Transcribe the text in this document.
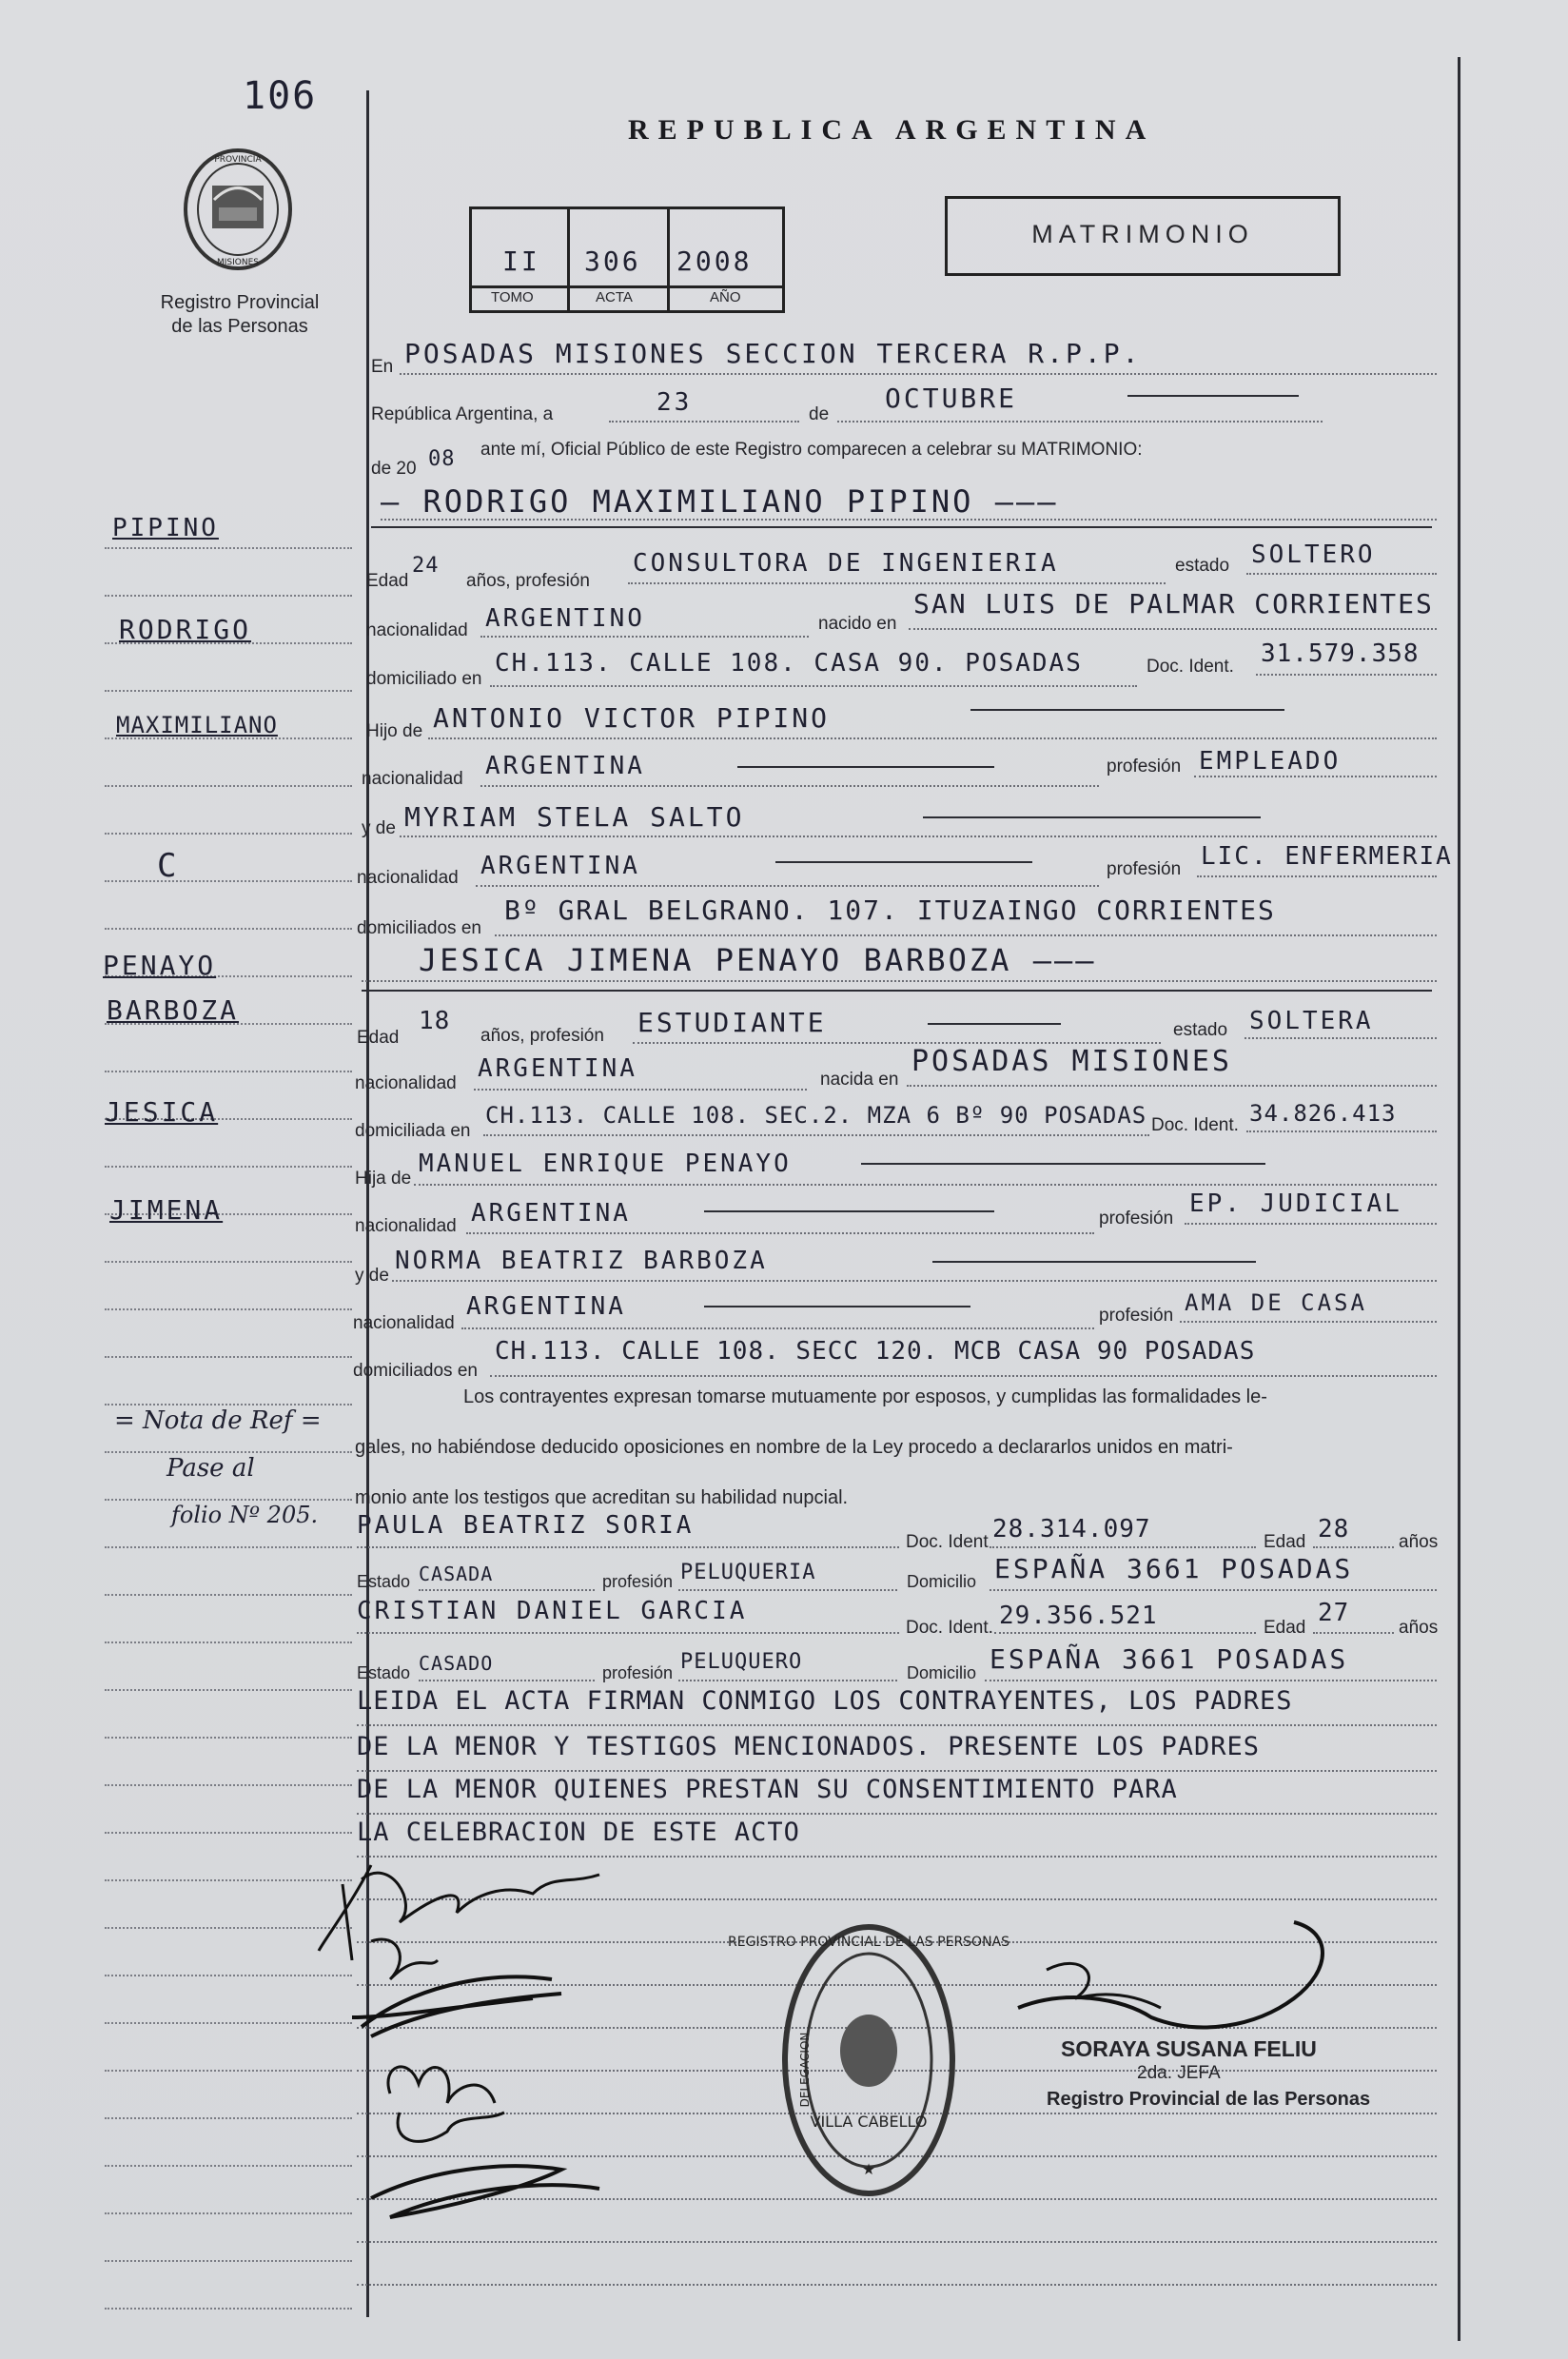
106
PROVINCIA
MISIONES
Registro Provincial
de las Personas
REPUBLICA ARGENTINA
II 306 2008
TOMO	ACTA	AÑO
MATRIMONIO
En POSADAS MISIONES SECCION TERCERA R.P.P.
República Argentina, a	23	de
OCTUBRE
de 20 08 ante mí, Oficial Público de este Registro comparecen a celebrar su MATRIMONIO:
— RODRIGO MAXIMILIANO PIPINO ———
Edad
24
años, profesión
CONSULTORA DE INGENIERIA	estado SOLTERO
nacionalidad ARGENTINO	nacido en
SAN LUIS DE PALMAR CORRIENTES
domiciliado en
CH.113. CALLE 108. CASA 90. POSADAS	Doc. Ident. 31.579.358
Hijo de ANTONIO VICTOR PIPINO
nacionalidad ARGENTINA	profesión EMPLEADO
y de MYRIAM STELA SALTO
nacionalidad ARGENTINA	profesión LIC. ENFERMERIA
domiciliados en
Bº GRAL BELGRANO. 107. ITUZAINGO CORRIENTES
JESICA JIMENA PENAYO BARBOZA ———
Edad
18
años, profesión ESTUDIANTE	estado SOLTERA
nacionalidad
ARGENTINA	nacida en
POSADAS MISIONES
domiciliada en
CH.113. CALLE 108. SEC.2. MZA 6 Bº 90 POSADAS Doc. Ident. 34.826.413
Hija de
MANUEL ENRIQUE PENAYO
nacionalidad ARGENTINA	profesión
EP. JUDICIAL
y de
NORMA BEATRIZ BARBOZA
nacionalidad
ARGENTINA	profesión AMA DE CASA
domiciliados en
CH.113. CALLE 108. SECC 120. MCB CASA 90 POSADAS
Los contrayentes expresan tomarse mutuamente por esposos, y cumplidas las formalidades le-
gales, no habiéndose deducido oposiciones en nombre de la Ley procedo a declararlos unidos en matri-
monio ante los testigos que acreditan su habilidad nupcial.
PAULA BEATRIZ SORIA
Doc. Ident 28.314.097	Edad 28	años
Estado CASADA	profesión PELUQUERIA	Domicilio ESPAÑA 3661 POSADAS
CRISTIAN DANIEL GARCIA
Doc. Ident. 29.356.521	Edad
27
años
Estado CASADO	profesión PELUQUERO	Domicilio ESPAÑA 3661 POSADAS
LEIDA EL ACTA FIRMAN CONMIGO LOS CONTRAYENTES, LOS PADRES
DE LA MENOR Y TESTIGOS MENCIONADOS. PRESENTE LOS PADRES
DE LA MENOR QUIENES PRESTAN SU CONSENTIMIENTO PARA
LA CELEBRACION DE ESTE ACTO
PIPINO
RODRIGO
MAXIMILIANO
C
PENAYO
BARBOZA
JESICA
JIMENA
= Nota de Ref =
Pase al
folio Nº 205.
REGISTRO PROVINCIAL DE LAS PERSONAS
DELEGACION
VILLA CABELLO
★
SORAYA SUSANA FELIU
2da. JEFA
Registro Provincial de las Personas
